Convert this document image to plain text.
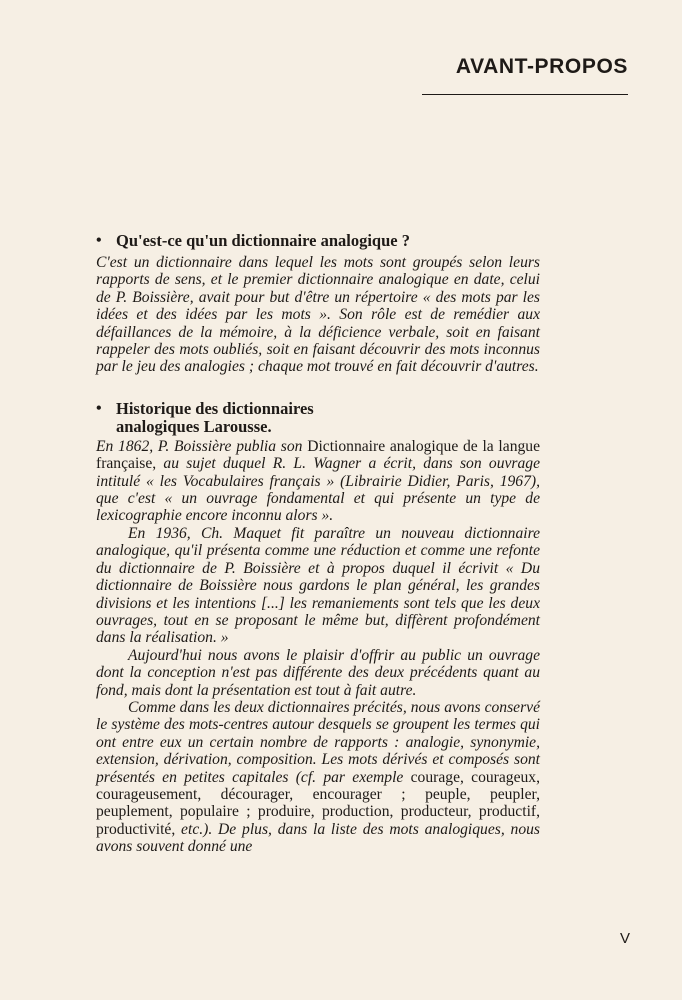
AVANT-PROPOS
• Qu'est-ce qu'un dictionnaire analogique ?

C'est un dictionnaire dans lequel les mots sont groupés selon leurs rapports de sens, et le premier dictionnaire analogique en date, celui de P. Boissière, avait pour but d'être un répertoire « des mots par les idées et des idées par les mots ». Son rôle est de remédier aux défaillances de la mémoire, à la déficience verbale, soit en faisant rappeler des mots oubliés, soit en faisant découvrir des mots inconnus par le jeu des analogies ; chaque mot trouvé en fait découvrir d'autres.

• Historique des dictionnaires
analogiques Larousse.

En 1862, P. Boissière publia son Dictionnaire analogique de la langue française, au sujet duquel R. L. Wagner a écrit, dans son ouvrage intitulé « les Vocabulaires français » (Librairie Didier, Paris, 1967), que c'est « un ouvrage fondamental et qui présente un type de lexicographie encore inconnu alors ».

En 1936, Ch. Maquet fit paraître un nouveau dictionnaire analogique, qu'il présenta comme une réduction et comme une refonte du dictionnaire de P. Boissière et à propos duquel il écrivit « Du dictionnaire de Boissière nous gardons le plan général, les grandes divisions et les intentions [...] les remaniements sont tels que les deux ouvrages, tout en se proposant le même but, diffèrent profondément dans la réalisation. »

Aujourd'hui nous avons le plaisir d'offrir au public un ouvrage dont la conception n'est pas différente des deux précédents quant au fond, mais dont la présentation est tout à fait autre.

Comme dans les deux dictionnaires précités, nous avons conservé le système des mots-centres autour desquels se groupent les termes qui ont entre eux un certain nombre de rapports : analogie, synonymie, extension, dérivation, composition. Les mots dérivés et composés sont présentés en petites capitales (cf. par exemple courage, courageux, courageusement, décourager, encourager ; peuple, peupler, peuplement, populaire ; produire, production, producteur, productif, productivité, etc.). De plus, dans la liste des mots analogiques, nous avons souvent donné une

V
